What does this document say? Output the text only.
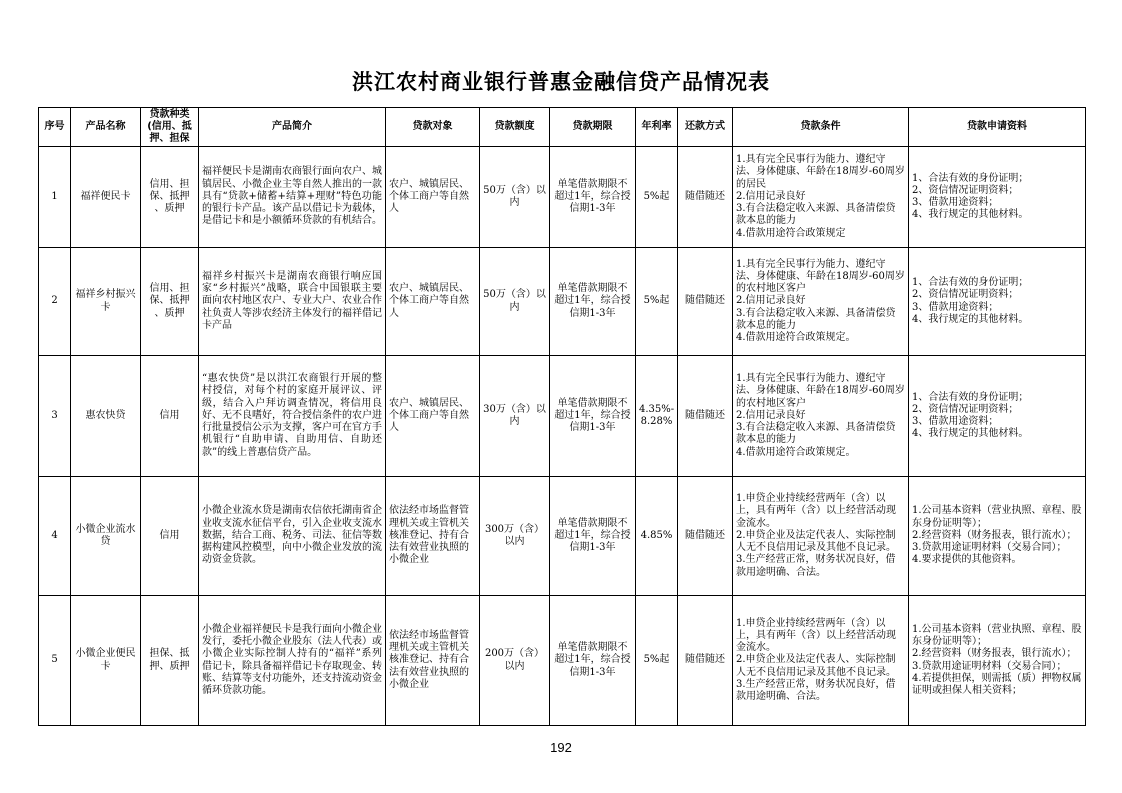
洪江农村商业银行普惠金融信贷产品情况表
序号	产品名称	贷款种类
(信用、抵
押、担保	产品简介	贷款对象	贷款额度	贷款期限	年利率	还款方式	贷款条件	贷款申请资料
1	福祥便民卡	信用、担
保、抵押
、质押	福祥便民卡是湖南农商银行面向农户、城镇居民、小微企业主等自然人推出的一款具有“贷款+储蓄+结算+理财”特色功能的银行卡产品。该产品以借记卡为载体，是借记卡和是小额循环贷款的有机结合。	农户、城镇居民、个体工商户等自然人	50万（含）以内	单笔借款期限不超过1年，综合授信期1-3年	5%起	随借随还	1.具有完全民事行为能力、遵纪守法、身体健康、年龄在18周岁-60周岁的居民
2.信用记录良好
3.有合法稳定收入来源、具备清偿贷款本息的能力
4.借款用途符合政策规定	1、合法有效的身份证明；
2、资信情况证明资料；
3、借款用途资料；
4、我行规定的其他材料。
2	福祥乡村振兴卡	信用、担
保、抵押
、质押	福祥乡村振兴卡是湖南农商银行响应国家“乡村振兴”战略，联合中国银联主要面向农村地区农户、专业大户、农业合作社负责人等涉农经济主体发行的福祥借记卡产品	农户、城镇居民、个体工商户等自然人	50万（含）以内	单笔借款期限不超过1年，综合授信期1-3年	5%起	随借随还	1.具有完全民事行为能力、遵纪守法、身体健康、年龄在18周岁-60周岁的农村地区客户
2.信用记录良好
3.有合法稳定收入来源、具备清偿贷款本息的能力
4.借款用途符合政策规定。	1、合法有效的身份证明；
2、资信情况证明资料；
3、借款用途资料；
4、我行规定的其他材料。
3	惠农快贷	信用	“惠农快贷”是以洪江农商银行开展的整村授信，对每个村的家庭开展评议、评级，结合入户拜访调查情况，将信用良好、无不良嗜好，符合授信条件的农户进行批量授信公示为支撑，客户可在官方手机银行“自助申请、自助用信、自助还款”的线上普惠信贷产品。	农户、城镇居民、个体工商户等自然人	30万（含）以内	单笔借款期限不超过1年，综合授信期1-3年	4.35%-
8.28%	随借随还	1.具有完全民事行为能力、遵纪守法、身体健康、年龄在18周岁-60周岁的农村地区客户
2.信用记录良好
3.有合法稳定收入来源、具备清偿贷款本息的能力
4.借款用途符合政策规定。	1、合法有效的身份证明；
2、资信情况证明资料；
3、借款用途资料；
4、我行规定的其他材料。
4	小微企业流水贷	信用	小微企业流水贷是湖南农信依托湖南省企业收支流水征信平台，引入企业收支流水数据，结合工商、税务、司法、征信等数据构建风控模型，向中小微企业发放的流动资金贷款。	依法经市场监督管理机关或主管机关核准登记、持有合法有效营业执照的小微企业	300万（含）以内	单笔借款期限不超过1年，综合授信期1-3年	4.85%	随借随还	1.申贷企业持续经营两年（含）以上，具有两年（含）以上经营活动现金流水。
2.申贷企业及法定代表人、实际控制人无不良信用记录及其他不良记录。
3.生产经营正常，财务状况良好，借款用途明确、合法。	1.公司基本资料（营业执照、章程、股东身份证明等）；
2.经营资料（财务报表，银行流水）；
3.贷款用途证明材料（交易合同）；
4.要求提供的其他资料。
5	小微企业便民卡	担保、抵
押、质押	小微企业福祥便民卡是我行面向小微企业发行，委托小微企业股东（法人代表）或小微企业实际控制人持有的“福祥”系列借记卡，除具备福祥借记卡存取现金、转账、结算等支付功能外，还支持流动资金循环贷款功能。	依法经市场监督管理机关或主管机关核准登记、持有合法有效营业执照的小微企业	200万（含）以内	单笔借款期限不超过1年，综合授信期1-3年	5%起	随借随还	1.申贷企业持续经营两年（含）以上，具有两年（含）以上经营活动现金流水。
2.申贷企业及法定代表人、实际控制人无不良信用记录及其他不良记录。
3.生产经营正常，财务状况良好，借款用途明确、合法。	1.公司基本资料（营业执照、章程、股东身份证明等）；
2.经营资料（财务报表，银行流水）；
3.贷款用途证明材料（交易合同）；
4.若提供担保，则需抵（质）押物权属证明或担保人相关资料；
192
